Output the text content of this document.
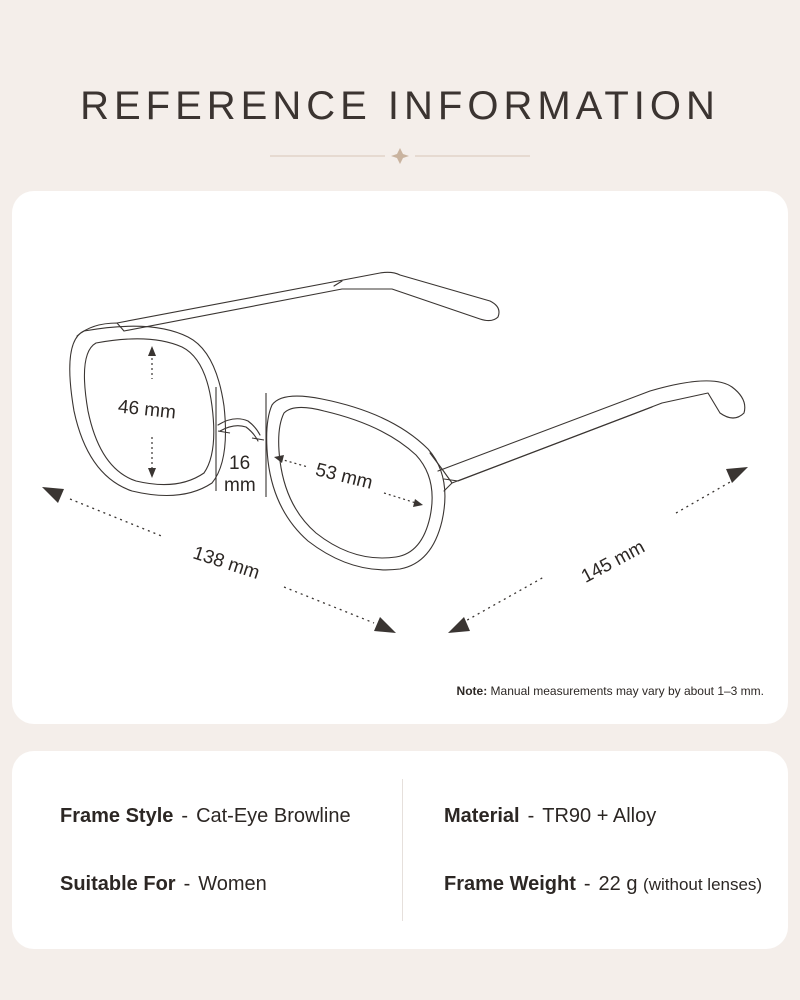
REFERENCE INFORMATION
46 mm
16
mm	53 mm
138 mm	145 mm
Note: Manual measurements may vary by about 1–3 mm.
Frame Style - Cat-Eye Browline
Suitable For - Women
Material - TR90 + Alloy
Frame Weight - 22 g (without lenses)
